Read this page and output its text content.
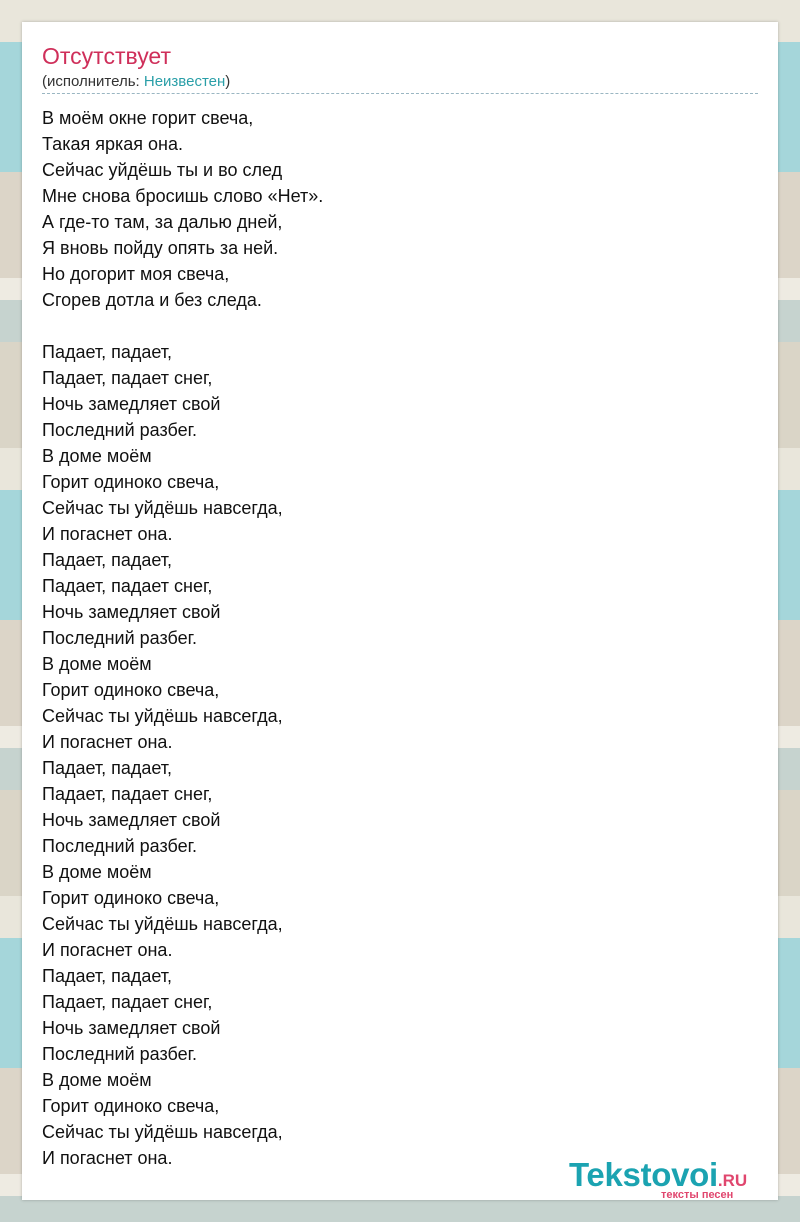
Отсутствует
(исполнитель: Неизвестен)
В моём окне горит свеча,
Такая яркая она.
Сейчас уйдёшь ты и во след
Мне снова бросишь слово «Нет».
А где-то там, за далью дней,
Я вновь пойду опять за ней.
Но догорит моя свеча,
Сгорев дотла и без следа.
Падает, падает,
Падает, падает снег,
Ночь замедляет свой
Последний разбег.
В доме моём
Горит одиноко свеча,
Сейчас ты уйдёшь навсегда,
И погаснет она.
Падает, падает,
Падает, падает снег,
Ночь замедляет свой
Последний разбег.
В доме моём
Горит одиноко свеча,
Сейчас ты уйдёшь навсегда,
И погаснет она.
Падает, падает,
Падает, падает снег,
Ночь замедляет свой
Последний разбег.
В доме моём
Горит одиноко свеча,
Сейчас ты уйдёшь навсегда,
И погаснет она.
Падает, падает,
Падает, падает снег,
Ночь замедляет свой
Последний разбег.
В доме моём
Горит одиноко свеча,
Сейчас ты уйдёшь навсегда,
И погаснет она.	Tekstovoi.RU
тексты песен
